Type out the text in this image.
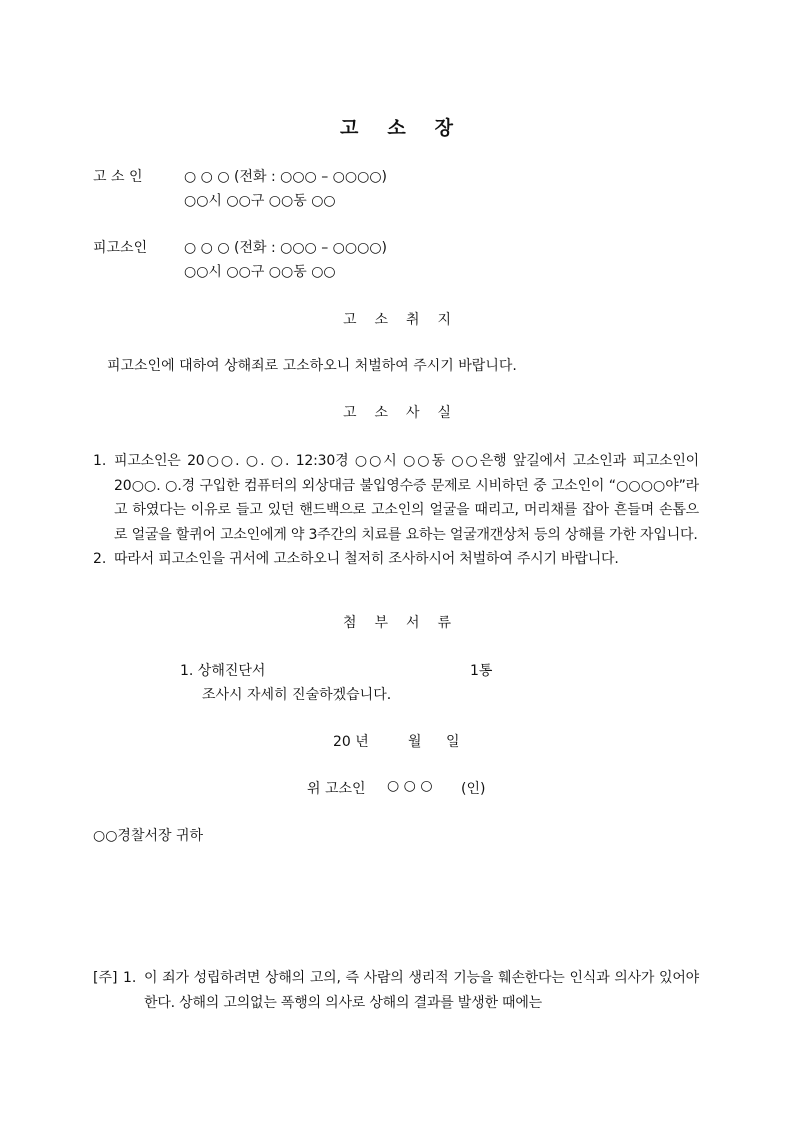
고 소 장
고 소 인	○ ○ ○ (전화 : ○○○ – ○○○○)
○○시 ○○구 ○○동 ○○
피고소인	○ ○ ○ (전화 : ○○○ – ○○○○)
○○시 ○○구 ○○동 ○○
고 소 취 지
피고소인에 대하여 상해죄로 고소하오니 처벌하여 주시기 바랍니다.
고 소 사 실
1. 피고소인은 20○○. ○. ○. 12:30경 ○○시 ○○동 ○○은행 앞길에서 고소인과 피고소인이 20○○. ○.경 구입한 컴퓨터의 외상대금 불입영수증 문제로 시비하던 중 고소인이 “○○○○야”라고 하였다는 이유로 들고 있던 핸드백으로 고소인의 얼굴을 때리고, 머리채를 잡아 흔들며 손톱으로 얼굴을 할퀴어 고소인에게 약 3주간의 치료를 요하는 얼굴개갠상처 등의 상해를 가한 자입니다.
2. 따라서 피고소인을 귀서에 고소하오니 철저히 조사하시어 처벌하여 주시기 바랍니다.
첨 부 서 류
1. 상해진단서	1통
조사시 자세히 진술하겠습니다.
20 년	월 일
위 고소인 ○ ○ ○ (인)
○○경찰서장 귀하
[주] 1. 이 죄가 성립하려면 상해의 고의, 즉 사람의 생리적 기능을 훼손한다는 인식과 의사가 있어야 한다. 상해의 고의없는 폭행의 의사로 상해의 결과를 발생한 때에는
